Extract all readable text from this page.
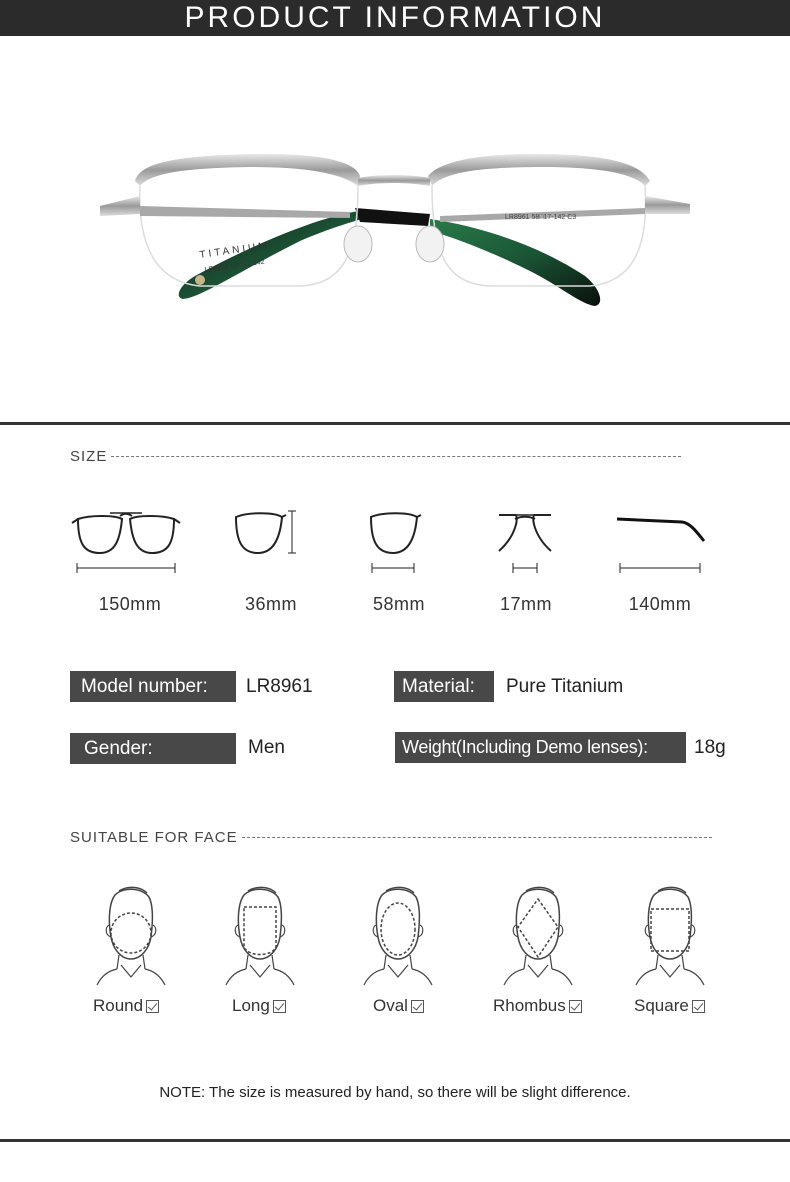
PRODUCT INFORMATION
TITANIUM
LR8961 58□17-142
LR8961 58□17-142 C3
SIZE
150mm	36mm	58mm	17mm	140mm
Model number:	LR8961	Material:	Pure Titanium
Gender:	Men	Weight(Including Demo lenses):	18g
SUITABLE FOR FACE
Round	Long	Oval	Rhombus	Square
NOTE: The size is measured by hand, so there will be slight difference.
